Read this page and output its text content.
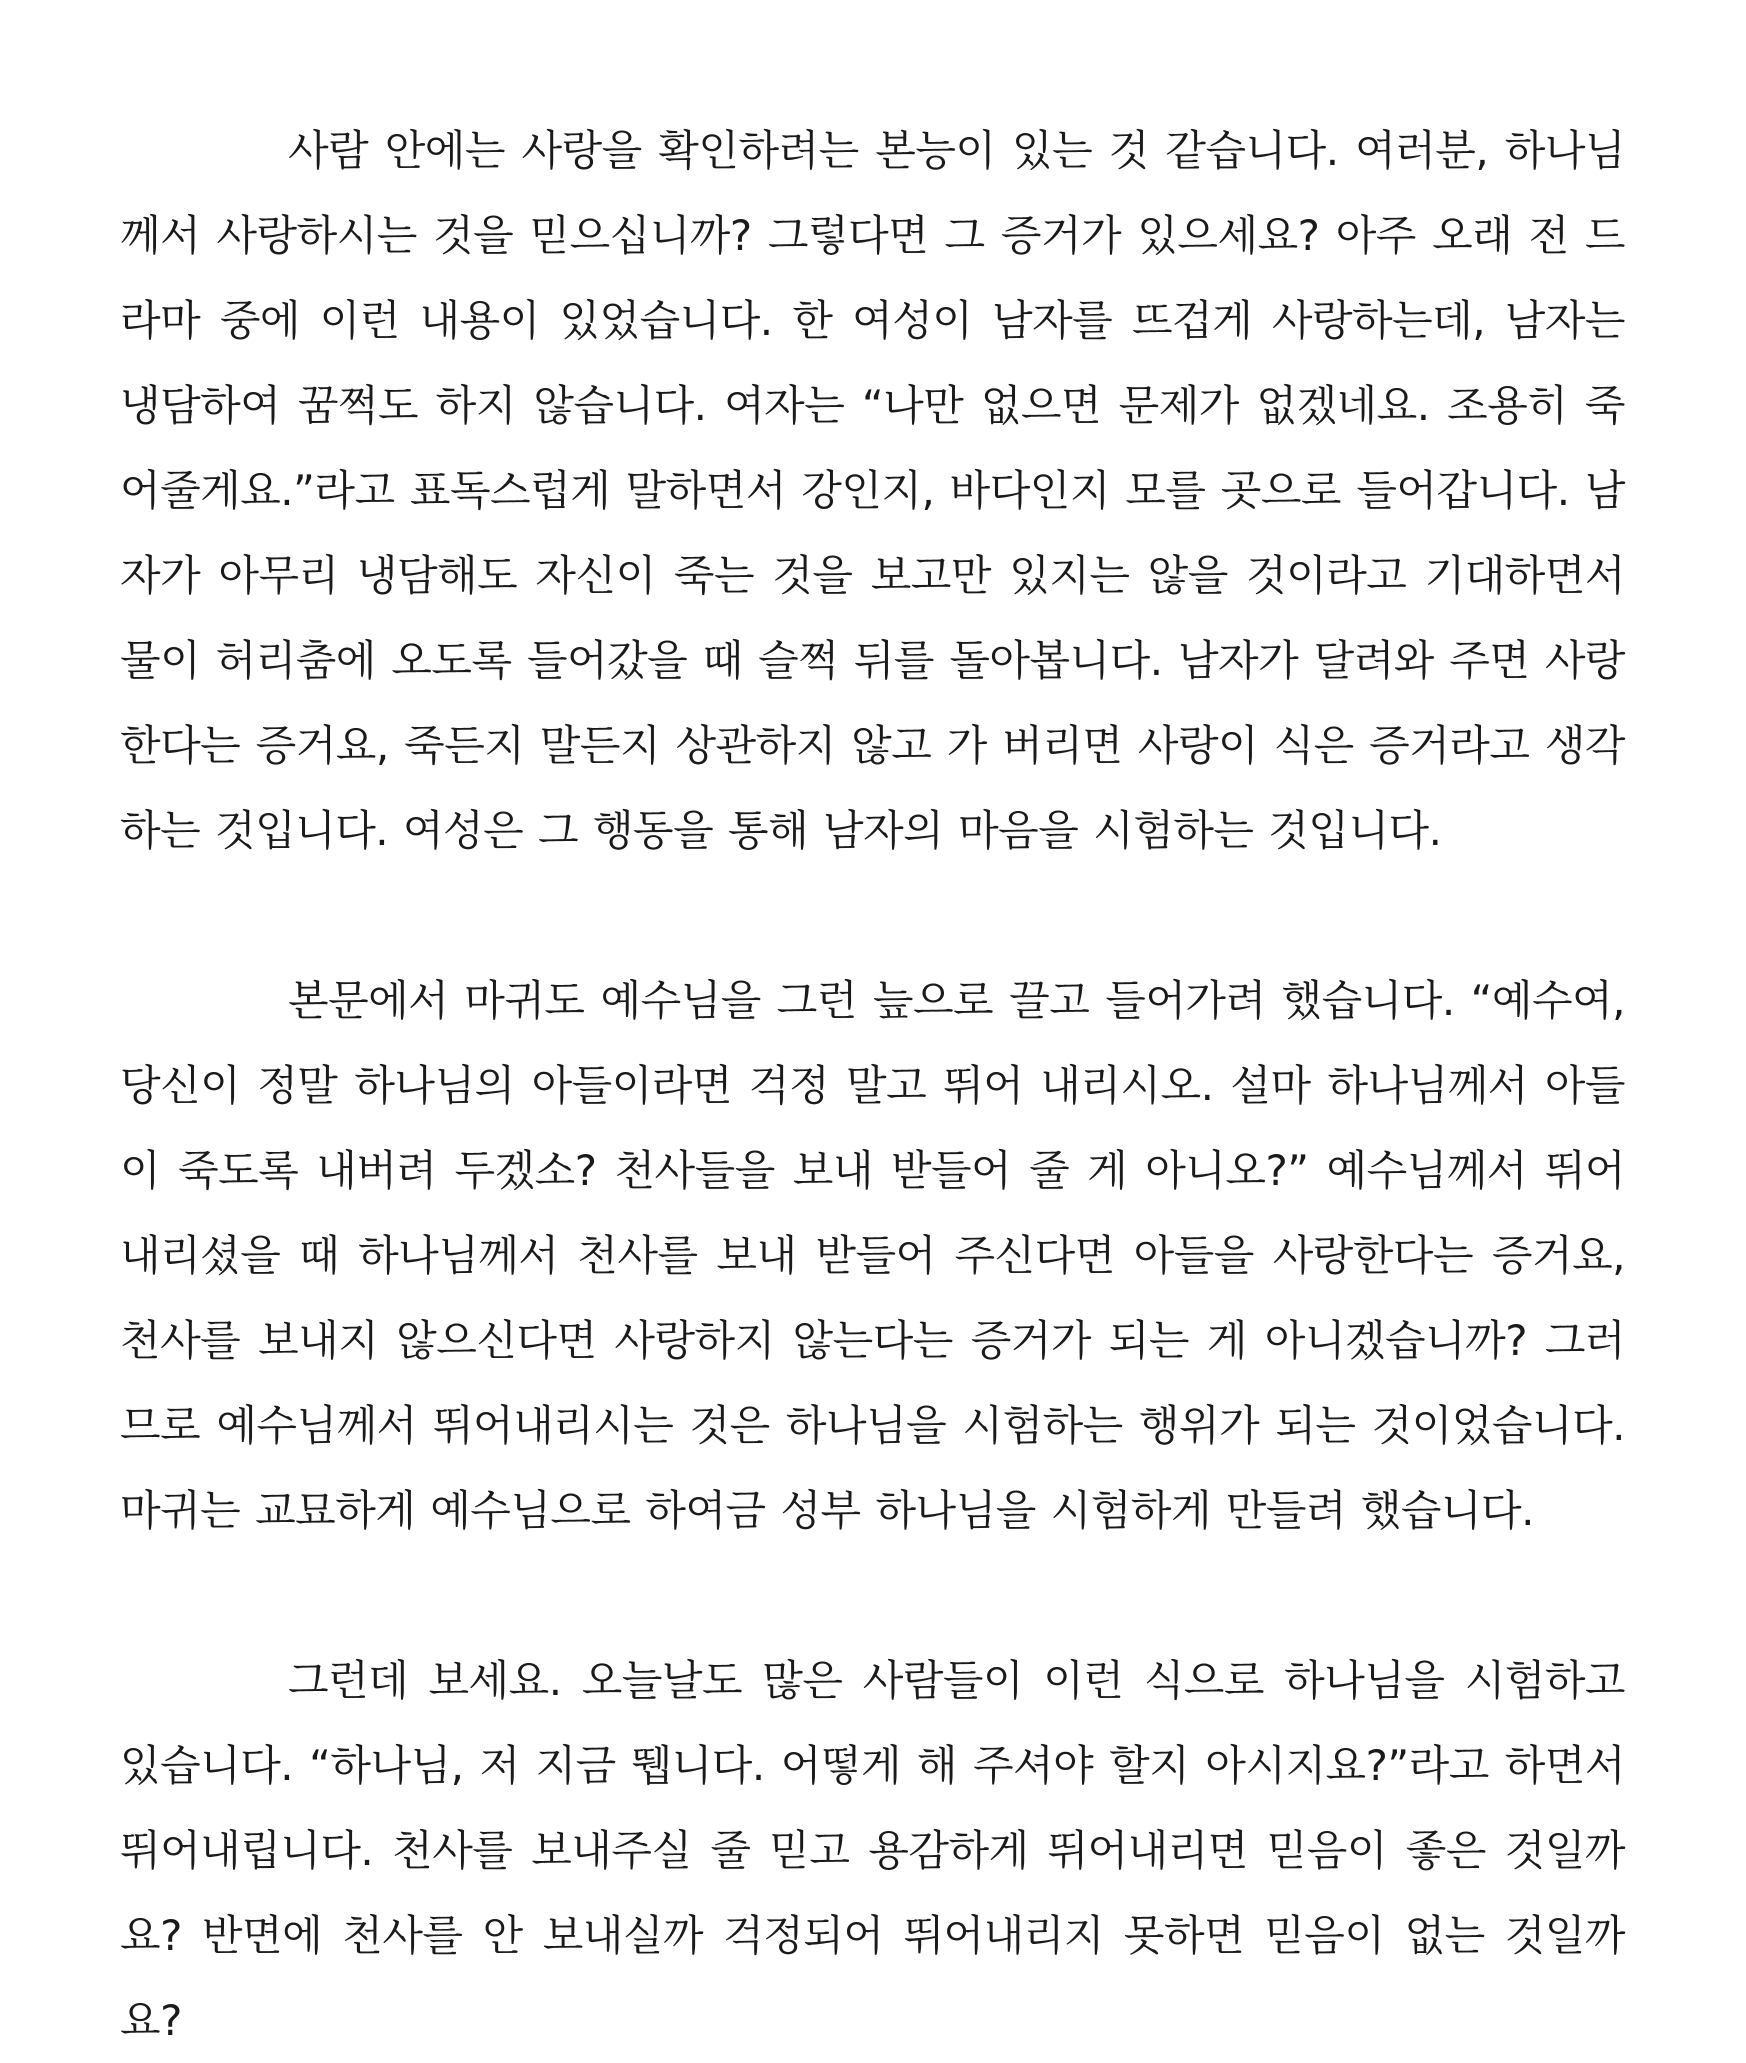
사람 안에는 사랑을 확인하려는 본능이 있는 것 같습니다. 여러분, 하나님께서 사랑하시는 것을 믿으십니까? 그렇다면 그 증거가 있으세요? 아주 오래 전 드라마 중에 이런 내용이 있었습니다. 한 여성이 남자를 뜨겁게 사랑하는데, 남자는 냉담하여 꿈쩍도 하지 않습니다. 여자는 “나만 없으면 문제가 없겠네요. 조용히 죽어줄게요.”라고 표독스럽게 말하면서 강인지, 바다인지 모를 곳으로 들어갑니다. 남자가 아무리 냉담해도 자신이 죽는 것을 보고만 있지는 않을 것이라고 기대하면서 물이 허리춤에 오도록 들어갔을 때 슬쩍 뒤를 돌아봅니다. 남자가 달려와 주면 사랑한다는 증거요, 죽든지 말든지 상관하지 않고 가 버리면 사랑이 식은 증거라고 생각하는 것입니다. 여성은 그 행동을 통해 남자의 마음을 시험하는 것입니다.

본문에서 마귀도 예수님을 그런 늪으로 끌고 들어가려 했습니다. “예수여, 당신이 정말 하나님의 아들이라면 걱정 말고 뛰어 내리시오. 설마 하나님께서 아들이 죽도록 내버려 두겠소? 천사들을 보내 받들어 줄 게 아니오?” 예수님께서 뛰어내리셨을 때 하나님께서 천사를 보내 받들어 주신다면 아들을 사랑한다는 증거요, 천사를 보내지 않으신다면 사랑하지 않는다는 증거가 되는 게 아니겠습니까? 그러므로 예수님께서 뛰어내리시는 것은 하나님을 시험하는 행위가 되는 것이었습니다. 마귀는 교묘하게 예수님으로 하여금 성부 하나님을 시험하게 만들려 했습니다.

그런데 보세요. 오늘날도 많은 사람들이 이런 식으로 하나님을 시험하고 있습니다. “하나님, 저 지금 뛥니다. 어떻게 해 주셔야 할지 아시지요?”라고 하면서 뛰어내립니다. 천사를 보내주실 줄 믿고 용감하게 뛰어내리면 믿음이 좋은 것일까요? 반면에 천사를 안 보내실까 걱정되어 뛰어내리지 못하면 믿음이 없는 것일까요?
